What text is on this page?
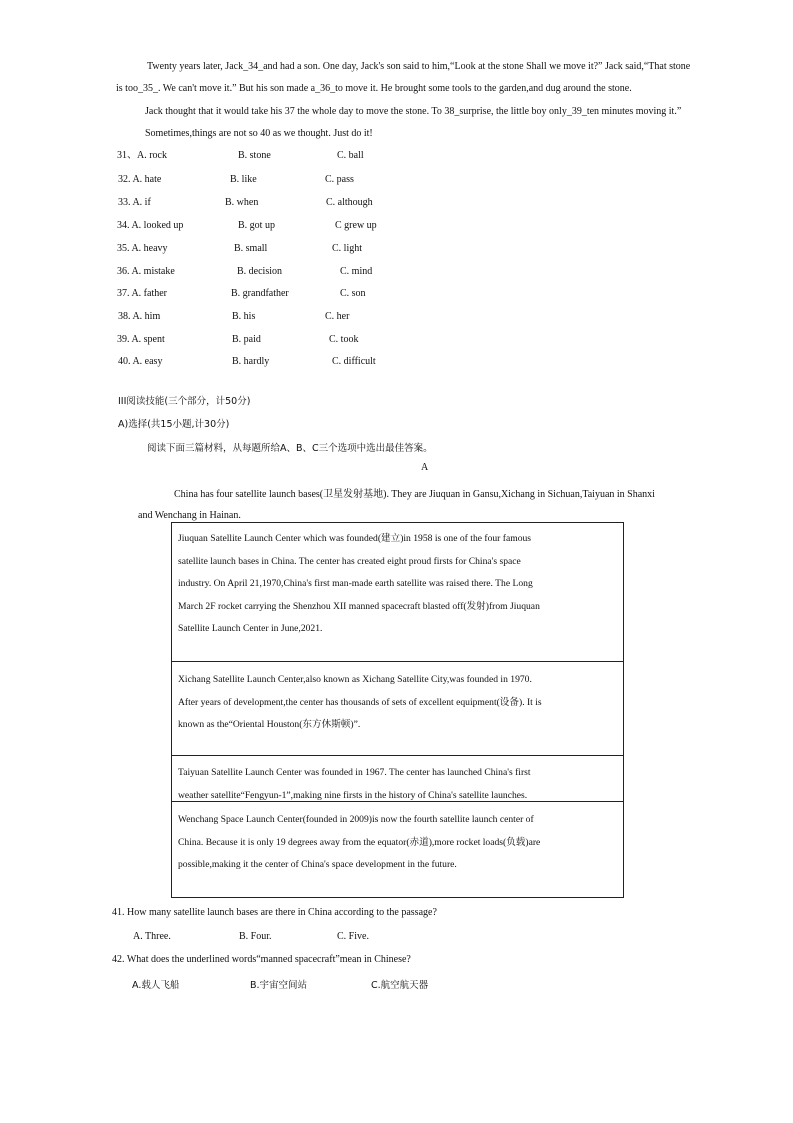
Twenty years later, Jack_34_and had a son. One day, Jack's son said to him,“Look at the stone Shall we move it?” Jack said,“That stone
is too_35_. We can't move it.” But his son made a_36_to move it. He brought some tools to the garden,and dug around the stone.
Jack thought that it would take his 37 the whole day to move the stone. To 38_surprise, the little boy only_39_ten minutes moving it.”
Sometimes,things are not so 40 as we thought. Just do it!
31、A. rock	B. stone	C. ball
32. A. hate	B. like	C. pass
33. A. if	B. when	C. although
34. A. looked up	B. got up	C grew up
35. A. heavy	B. small	C. light
36. A. mistake	B. decision	C. mind
37. A. father	B. grandfather	C. son
38. A. him	B. his	C. her
39. A. spent	B. paid	C. took
40. A. easy	B. hardly	C. difficult
III阅读技能(三个部分，计50分)
A)选择(共15小题,计30分)
阅读下面三篇材料，从每题所给A、B、C三个选项中选出最佳答案。
A
China has four satellite launch bases(卫星发射基地). They are Jiuquan in Gansu,Xichang in Sichuan,Taiyuan in Shanxi
and Wenchang in Hainan.
Jiuquan Satellite Launch Center which was founded(建立)in 1958 is one of the four famous
satellite launch bases in China. The center has created eight proud firsts for China's space
industry. On April 21,1970,China's first man-made earth satellite was raised there. The Long
March 2F rocket carrying the Shenzhou XII manned spacecraft blasted off(发射)from Jiuquan
Satellite Launch Center in June,2021.
Xichang Satellite Launch Center,also known as Xichang Satellite City,was founded in 1970.
After years of development,the center has thousands of sets of excellent equipment(设备). It is
known as the“Oriental Houston(东方休斯顿)”.
Taiyuan Satellite Launch Center was founded in 1967. The center has launched China's first
weather satellite“Fengyun-1”,making nine firsts in the history of China's satellite launches.
Wenchang Space Launch Center(founded in 2009)is now the fourth satellite launch center of
China. Because it is only 19 degrees away from the equator(赤道),more rocket loads(负载)are
possible,making it the center of China's space development in the future.
41. How many satellite launch bases are there in China according to the passage?
A. Three.	B. Four.	C. Five.
42. What does the underlined words“manned spacecraft”mean in Chinese?
A.载人飞船	B.宇宙空间站	C.航空航天器
